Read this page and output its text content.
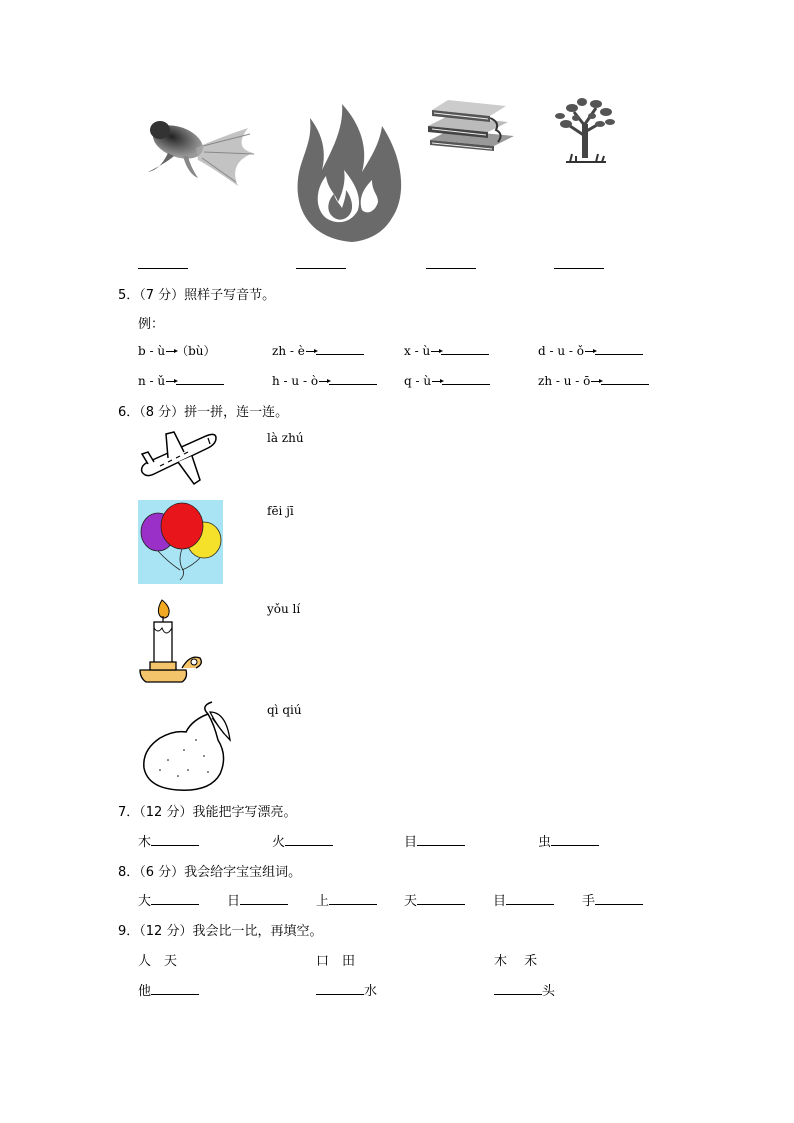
5．（7 分）照样子写音节。
例：
b - ù （bù）	zh - è	x - ù	d - u - ǒ
n - ǔ	h - u - ò	q - ù	zh - u - ō
6．（8 分）拼一拼，连一连。
là zhú
fēi jī
yǒu lí
qì qiú
7．（12 分）我能把字写漂亮。
木	火	目	虫
8．（6 分）我会给字宝宝组词。
大	日	上	天	目	手
9．（12 分）我会比一比，再填空。
人　天	口　田	木　 禾
他	水	头
